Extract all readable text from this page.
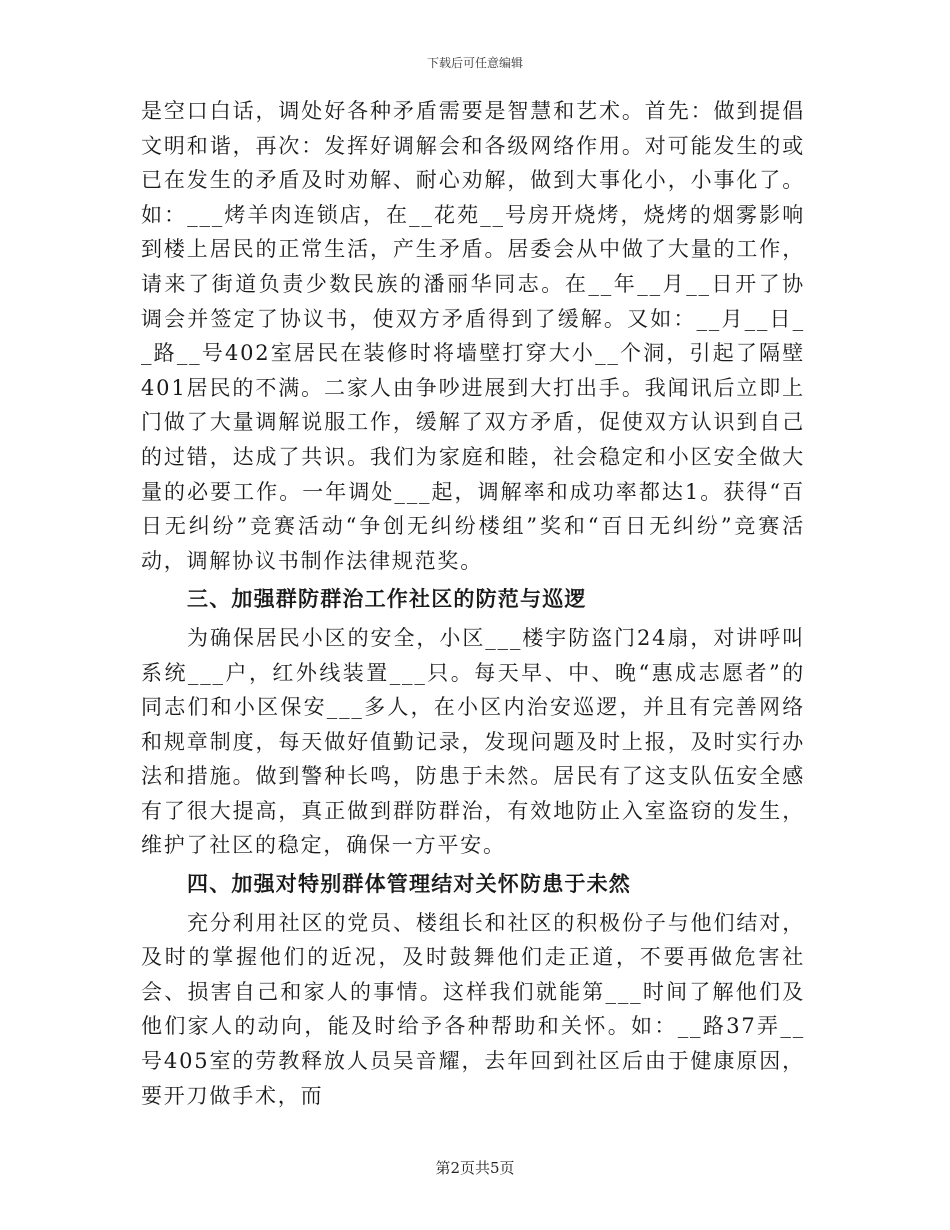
下载后可任意编辑

是空口白话，调处好各种矛盾需要是智慧和艺术。首先：做到提倡文明和谐，再次：发挥好调解会和各级网络作用。对可能发生的或已在发生的矛盾及时劝解、耐心劝解，做到大事化小，小事化了。如：___烤羊肉连锁店，在__花苑__号房开烧烤，烧烤的烟雾影响到楼上居民的正常生活，产生矛盾。居委会从中做了大量的工作，请来了街道负责少数民族的潘丽华同志。在__年__月__日开了协调会并签定了协议书，使双方矛盾得到了缓解。又如：__月__日__路__号402室居民在装修时将墙壁打穿大小__个洞，引起了隔壁401居民的不满。二家人由争吵进展到大打出手。我闻讯后立即上门做了大量调解说服工作，缓解了双方矛盾，促使双方认识到自己的过错，达成了共识。我们为家庭和睦，社会稳定和小区安全做大量的必要工作。一年调处___起，调解率和成功率都达1。获得“百日无纠纷”竞赛活动“争创无纠纷楼组”奖和“百日无纠纷”竞赛活动，调解协议书制作法律规范奖。

三、加强群防群治工作社区的防范与巡逻

为确保居民小区的安全，小区___楼宇防盗门24扇，对讲呼叫系统___户，红外线装置___只。每天早、中、晚“惠成志愿者”的同志们和小区保安___多人，在小区内治安巡逻，并且有完善网络和规章制度，每天做好值勤记录，发现问题及时上报，及时实行办法和措施。做到警种长鸣，防患于未然。居民有了这支队伍安全感有了很大提高，真正做到群防群治，有效地防止入室盗窃的发生，维护了社区的稳定，确保一方平安。

四、加强对特别群体管理结对关怀防患于未然

充分利用社区的党员、楼组长和社区的积极份子与他们结对，及时的掌握他们的近况，及时鼓舞他们走正道，不要再做危害社会、损害自己和家人的事情。这样我们就能第___时间了解他们及他们家人的动向，能及时给予各种帮助和关怀。如：__路37弄__号405室的劳教释放人员吴音耀，去年回到社区后由于健康原因，要开刀做手术，而

第2页共5页
